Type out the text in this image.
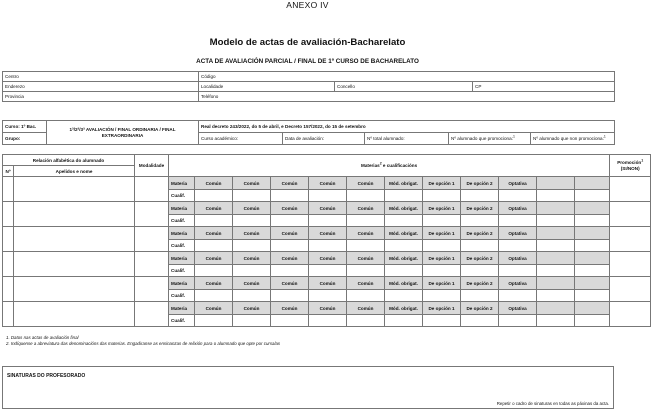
ANEXO IV
Modelo de actas de avaliación-Bacharelato
ACTA DE AVALIACIÓN PARCIAL / FINAL DE 1º CURSO DE BACHARELATO
Centro	Código		
Enderezo	Localidade	Concello	CP
Provincia	Teléfono		
Curso: 1º Bac.	1ª/2ª/3ª AVALIACIÓN / FINAL ORDINARIA / FINAL EXTRAORDINARIA	Real decreto 243/2022, do 5 de abril, e Decreto 157/2022, do 15 de setembro				
Grupo:		Curso académico:	Data de avaliación:	Nº total alumnado:	Nº alumnado que promociona:$^1$	Nº alumnado que non promociona:$^1$
Relación alfabética do alumnado		Modalidade	Materias$^2$ e cualificacións												Promoción$^1$
(SI/NON)
Nº	Apelidos e nome														
			Materia	Común	Común	Común	Común	Común	Mód. obrigat.	De opción 1	De opción 2	Optativa			
			Cualif.												
			Materia	Común	Común	Común	Común	Común	Mód. obrigat.	De opción 1	De opción 2	Optativa			
			Cualif.												
			Materia	Común	Común	Común	Común	Común	Mód. obrigat.	De opción 1	De opción 2	Optativa			
			Cualif.												
			Materia	Común	Común	Común	Común	Común	Mód. obrigat.	De opción 1	De opción 2	Optativa			
			Cualif.												
			Materia	Común	Común	Común	Común	Común	Mód. obrigat.	De opción 1	De opción 2	Optativa			
			Cualif.												
			Materia	Común	Común	Común	Común	Común	Mód. obrigat.	De opción 1	De opción 2	Optativa			
			Cualif.												
1. Datos nas actas de avaliación final
2. Indíquense a abreviatura das denominacións das materias. Engadiranse as ensinanzas de relixión para o alumnado que opte por cursalas
SINATURAS DO PROFESORADO
Repetir o cadro de sinaturas en todas as páxinas da acta.
